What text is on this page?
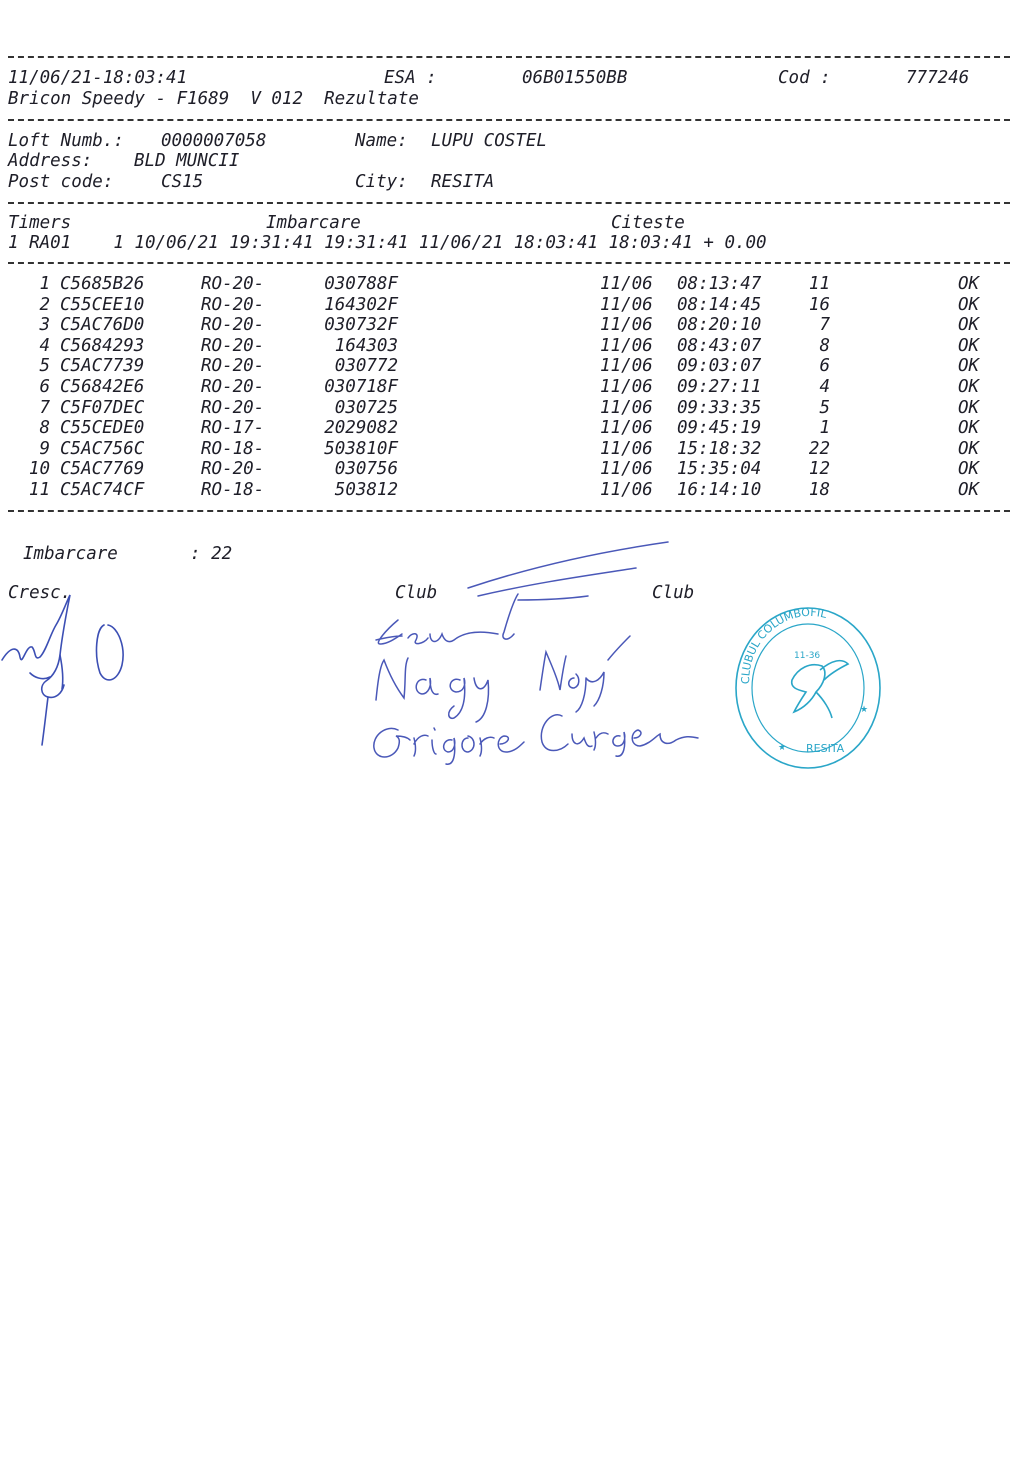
11/06/21-18:03:41	ESA :	06B01550BB	Cod :	777246
Bricon Speedy - F1689  V 012  Rezultate
Loft Numb.: 0000007058	Name: LUPU COSTEL
Address: BLD MUNCII
Post code:	CS15	City: RESITA
Timers	Imbarcare	Citeste
1 RA01    1 10/06/21 19:31:41 19:31:41 11/06/21 18:03:41 18:03:41 + 0.00
1 C5685B26	RO-20-	030788F	11/06 08:13:47	11	OK
2 C55CEE10	RO-20-	164302F	11/06 08:14:45	16	OK
3 C5AC76D0	RO-20-	030732F	11/06 08:20:10	7	OK
4 C5684293	RO-20-	164303	11/06 08:43:07	8	OK
5 C5AC7739	RO-20-	030772	11/06 09:03:07	6	OK
6 C56842E6	RO-20-	030718F	11/06 09:27:11	4	OK
7 C5F07DEC	RO-20-	030725	11/06 09:33:35	5	OK
8 C55CEDE0	RO-17-	2029082	11/06 09:45:19	1	OK
9 C5AC756C	RO-18-	503810F	11/06 15:18:32	22	OK
10 C5AC7769	RO-20-	030756	11/06 15:35:04	12	OK
11 C5AC74CF	RO-18-	503812	11/06 16:14:10	18	OK
Imbarcare	: 22
Cresc.	Club	Club
CLUBUL COLUMBOFIL
11-36
RESITA
★
★
